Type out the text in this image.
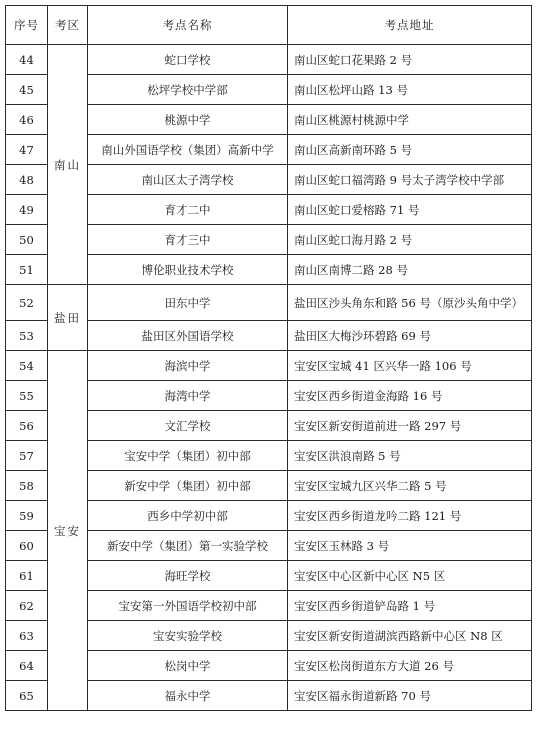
序号	考区	考点名称	考点地址
44	南山	蛇口学校	南山区蛇口花果路 2 号
45		松坪学校中学部	南山区松坪山路 13 号
46		桃源中学	南山区桃源村桃源中学
47		南山外国语学校（集团）高新中学	南山区高新南环路 5 号
48		南山区太子湾学校	南山区蛇口福湾路 9 号太子湾学校中学部
49		育才二中	南山区蛇口爱榕路 71 号
50		育才三中	南山区蛇口海月路 2 号
51		博伦职业技术学校	南山区南博二路 28 号
52	盐田	田东中学	盐田区沙头角东和路 56 号（原沙头角中学）
53		盐田区外国语学校	盐田区大梅沙环碧路 69 号
54	宝安	海滨中学	宝安区宝城 41 区兴华一路 106 号
55		海湾中学	宝安区西乡街道金海路 16 号
56		文汇学校	宝安区新安街道前进一路 297 号
57		宝安中学（集团）初中部	宝安区洪浪南路 5 号
58		新安中学（集团）初中部	宝安区宝城九区兴华二路 5 号
59		西乡中学初中部	宝安区西乡街道龙吟二路 121 号
60		新安中学（集团）第一实验学校	宝安区玉林路 3 号
61		海旺学校	宝安区中心区新中心区 N5 区
62		宝安第一外国语学校初中部	宝安区西乡街道铲岛路 1 号
63		宝安实验学校	宝安区新安街道湖滨西路新中心区 N8 区
64		松岗中学	宝安区松岗街道东方大道 26 号
65		福永中学	宝安区福永街道新路 70 号
